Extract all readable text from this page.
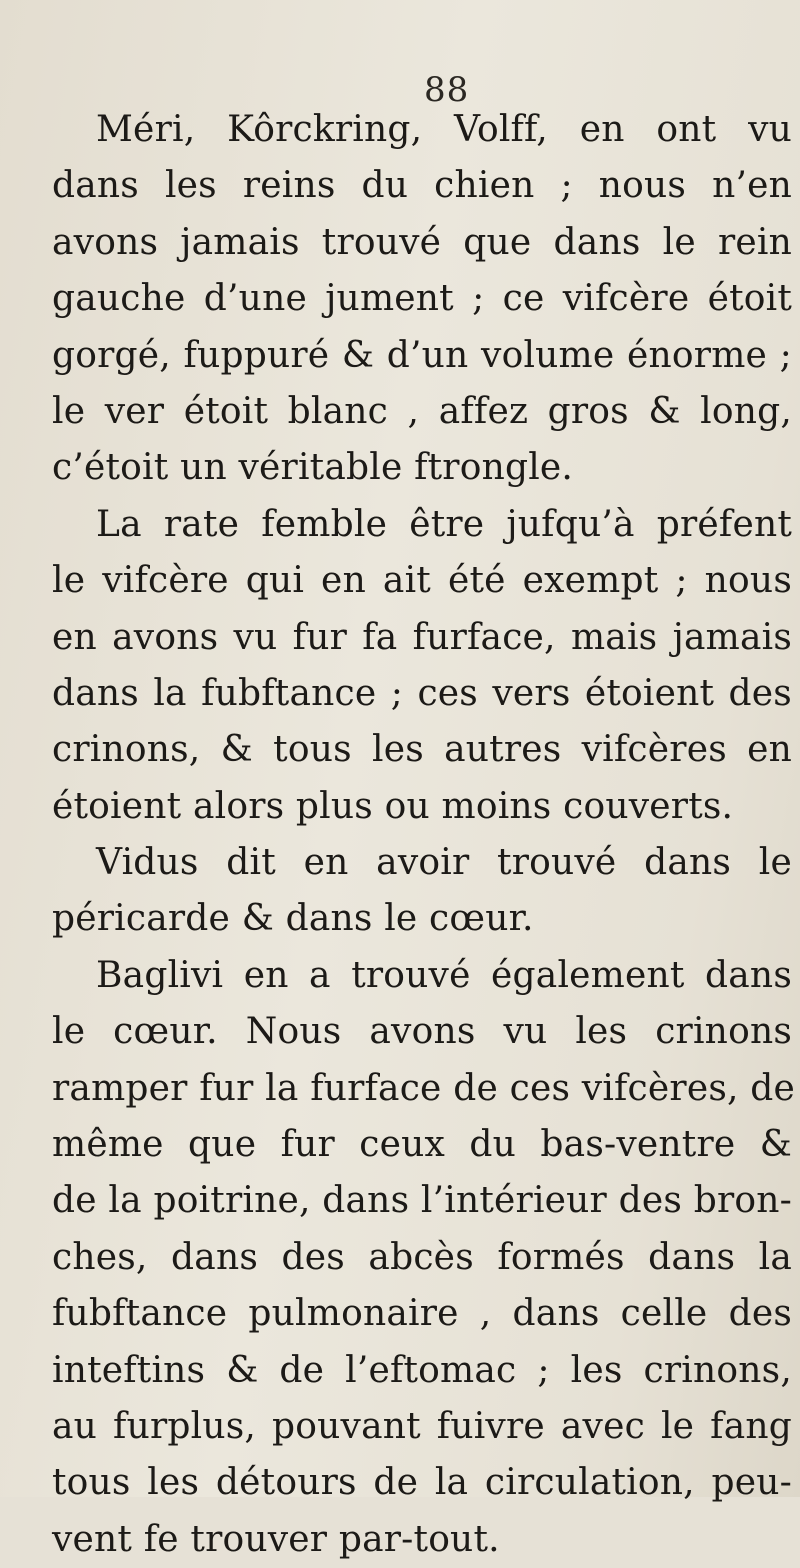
88
Méri, Kôrckring, Volff, en ont vu
dans les reins du chien ; nous n’en
avons jamais trouvé que dans le rein
gauche d’une jument ; ce vifcère étoit
gorgé, fuppuré & d’un volume énorme ;
le ver étoit blanc , affez gros & long,
c’étoit un véritable ftrongle.
La rate femble être jufqu’à préfent
le vifcère qui en ait été exempt ; nous
en avons vu fur fa furface, mais jamais
dans la fubftance ; ces vers étoient des
crinons, & tous les autres vifcères en
étoient alors plus ou moins couverts.
Vidus dit en avoir trouvé dans le
péricarde & dans le cœur.
Baglivi en a trouvé également dans
le cœur. Nous avons vu les crinons
ramper fur la furface de ces vifcères, de
même que fur ceux du bas-ventre &
de la poitrine, dans l’intérieur des bron-
ches, dans des abcès formés dans la
fubftance pulmonaire , dans celle des
inteftins & de l’eftomac ; les crinons,
au furplus, pouvant fuivre avec le fang
tous les détours de la circulation, peu-
vent fe trouver par-tout.
